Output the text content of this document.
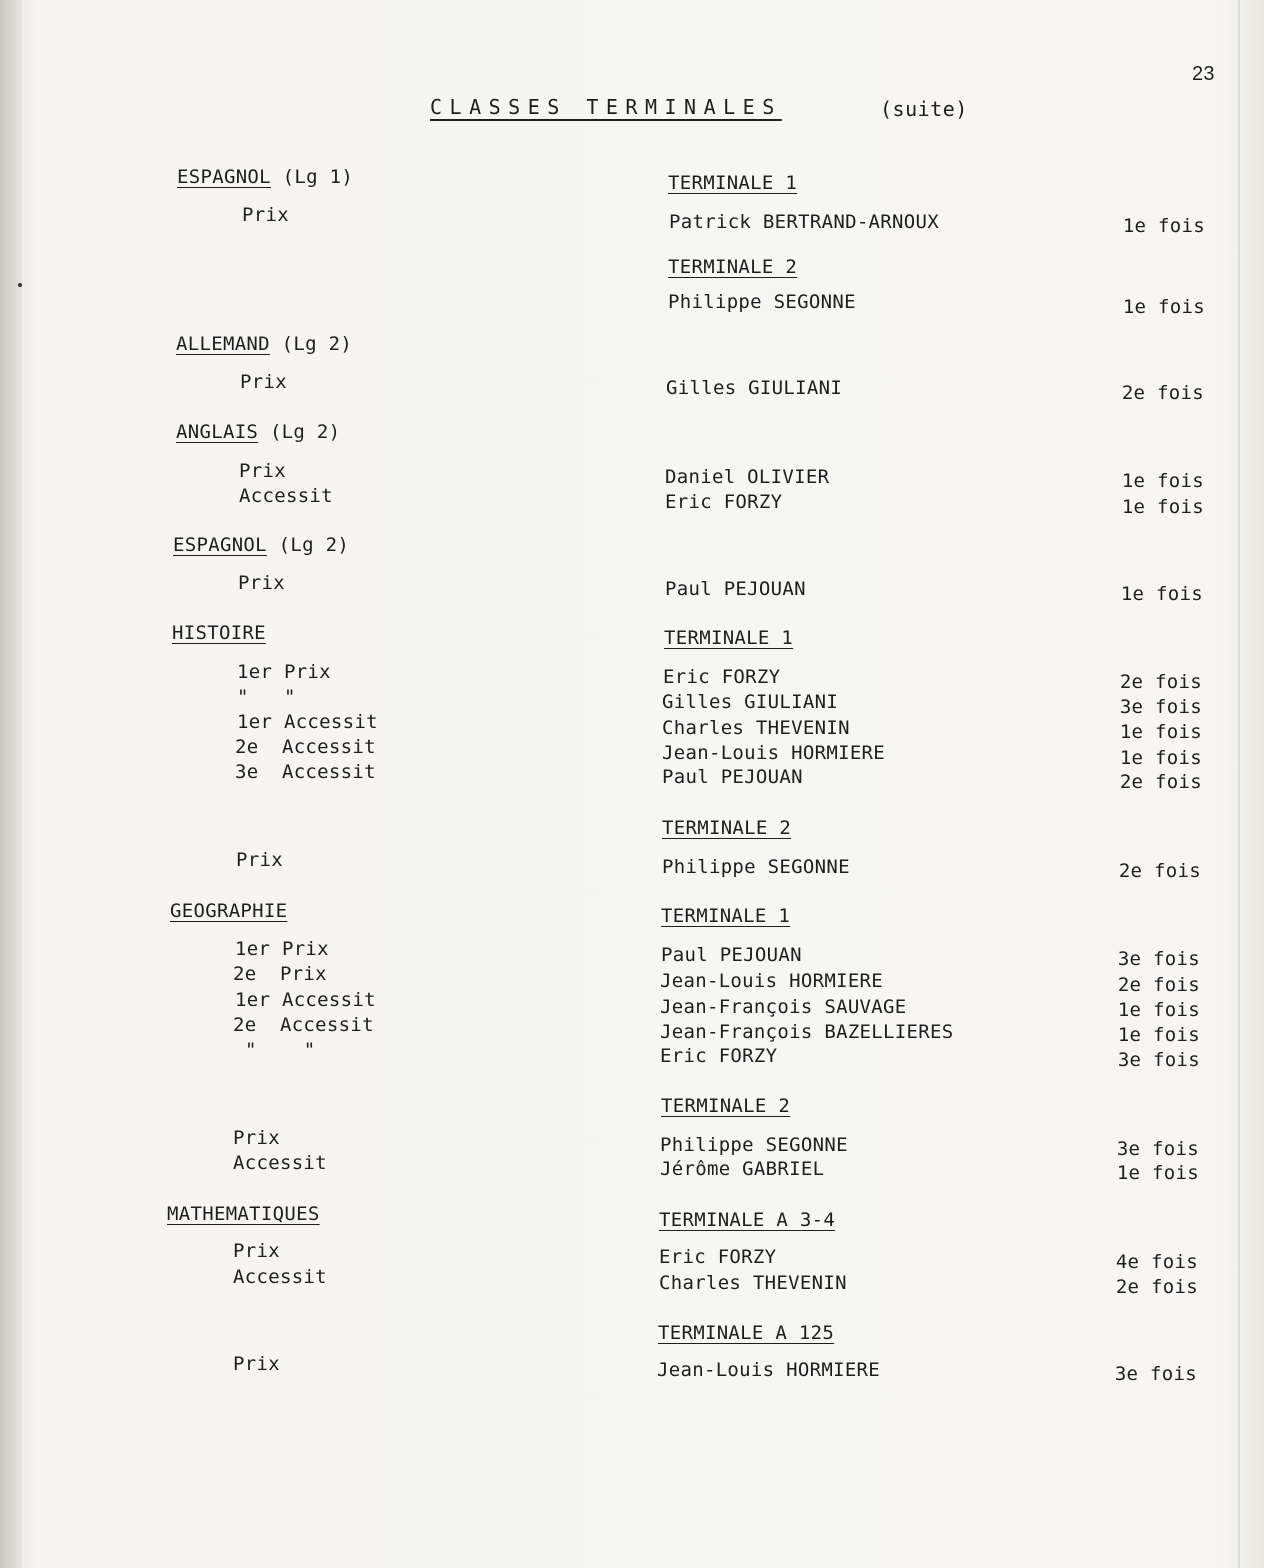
23
CLASSES TERMINALES	(suite)
ESPAGNOL (Lg 1)
ALLEMAND (Lg 2)
ANGLAIS (Lg 2)
ESPAGNOL (Lg 2)
HISTOIRE
GEOGRAPHIE
MATHEMATIQUES
Prix
Prix
Prix
Accessit
Prix
1er Prix
"   "
1er Accessit
2e  Accessit
3e  Accessit
Prix
1er Prix
2e  Prix
1er Accessit
2e  Accessit
"    "
Prix
Accessit
Prix
Accessit
Prix
TERMINALE 1
TERMINALE 2
TERMINALE 1
TERMINALE 2
TERMINALE 1
TERMINALE 2
TERMINALE A 3-4
TERMINALE A 125
Patrick BERTRAND-ARNOUX
Philippe SEGONNE
Gilles GIULIANI
Daniel OLIVIER
Eric FORZY
Paul PEJOUAN
Eric FORZY
Gilles GIULIANI
Charles THEVENIN
Jean-Louis HORMIERE
Paul PEJOUAN
Philippe SEGONNE
Paul PEJOUAN
Jean-Louis HORMIERE
Jean-François SAUVAGE
Jean-François BAZELLIERES
Eric FORZY
Philippe SEGONNE
Jérôme GABRIEL
Eric FORZY
Charles THEVENIN
Jean-Louis HORMIERE
1e fois
1e fois
2e fois
1e fois
1e fois
1e fois
2e fois
3e fois
1e fois
1e fois
2e fois
2e fois
3e fois
2e fois
1e fois
1e fois
3e fois
3e fois
1e fois
4e fois
2e fois
3e fois
